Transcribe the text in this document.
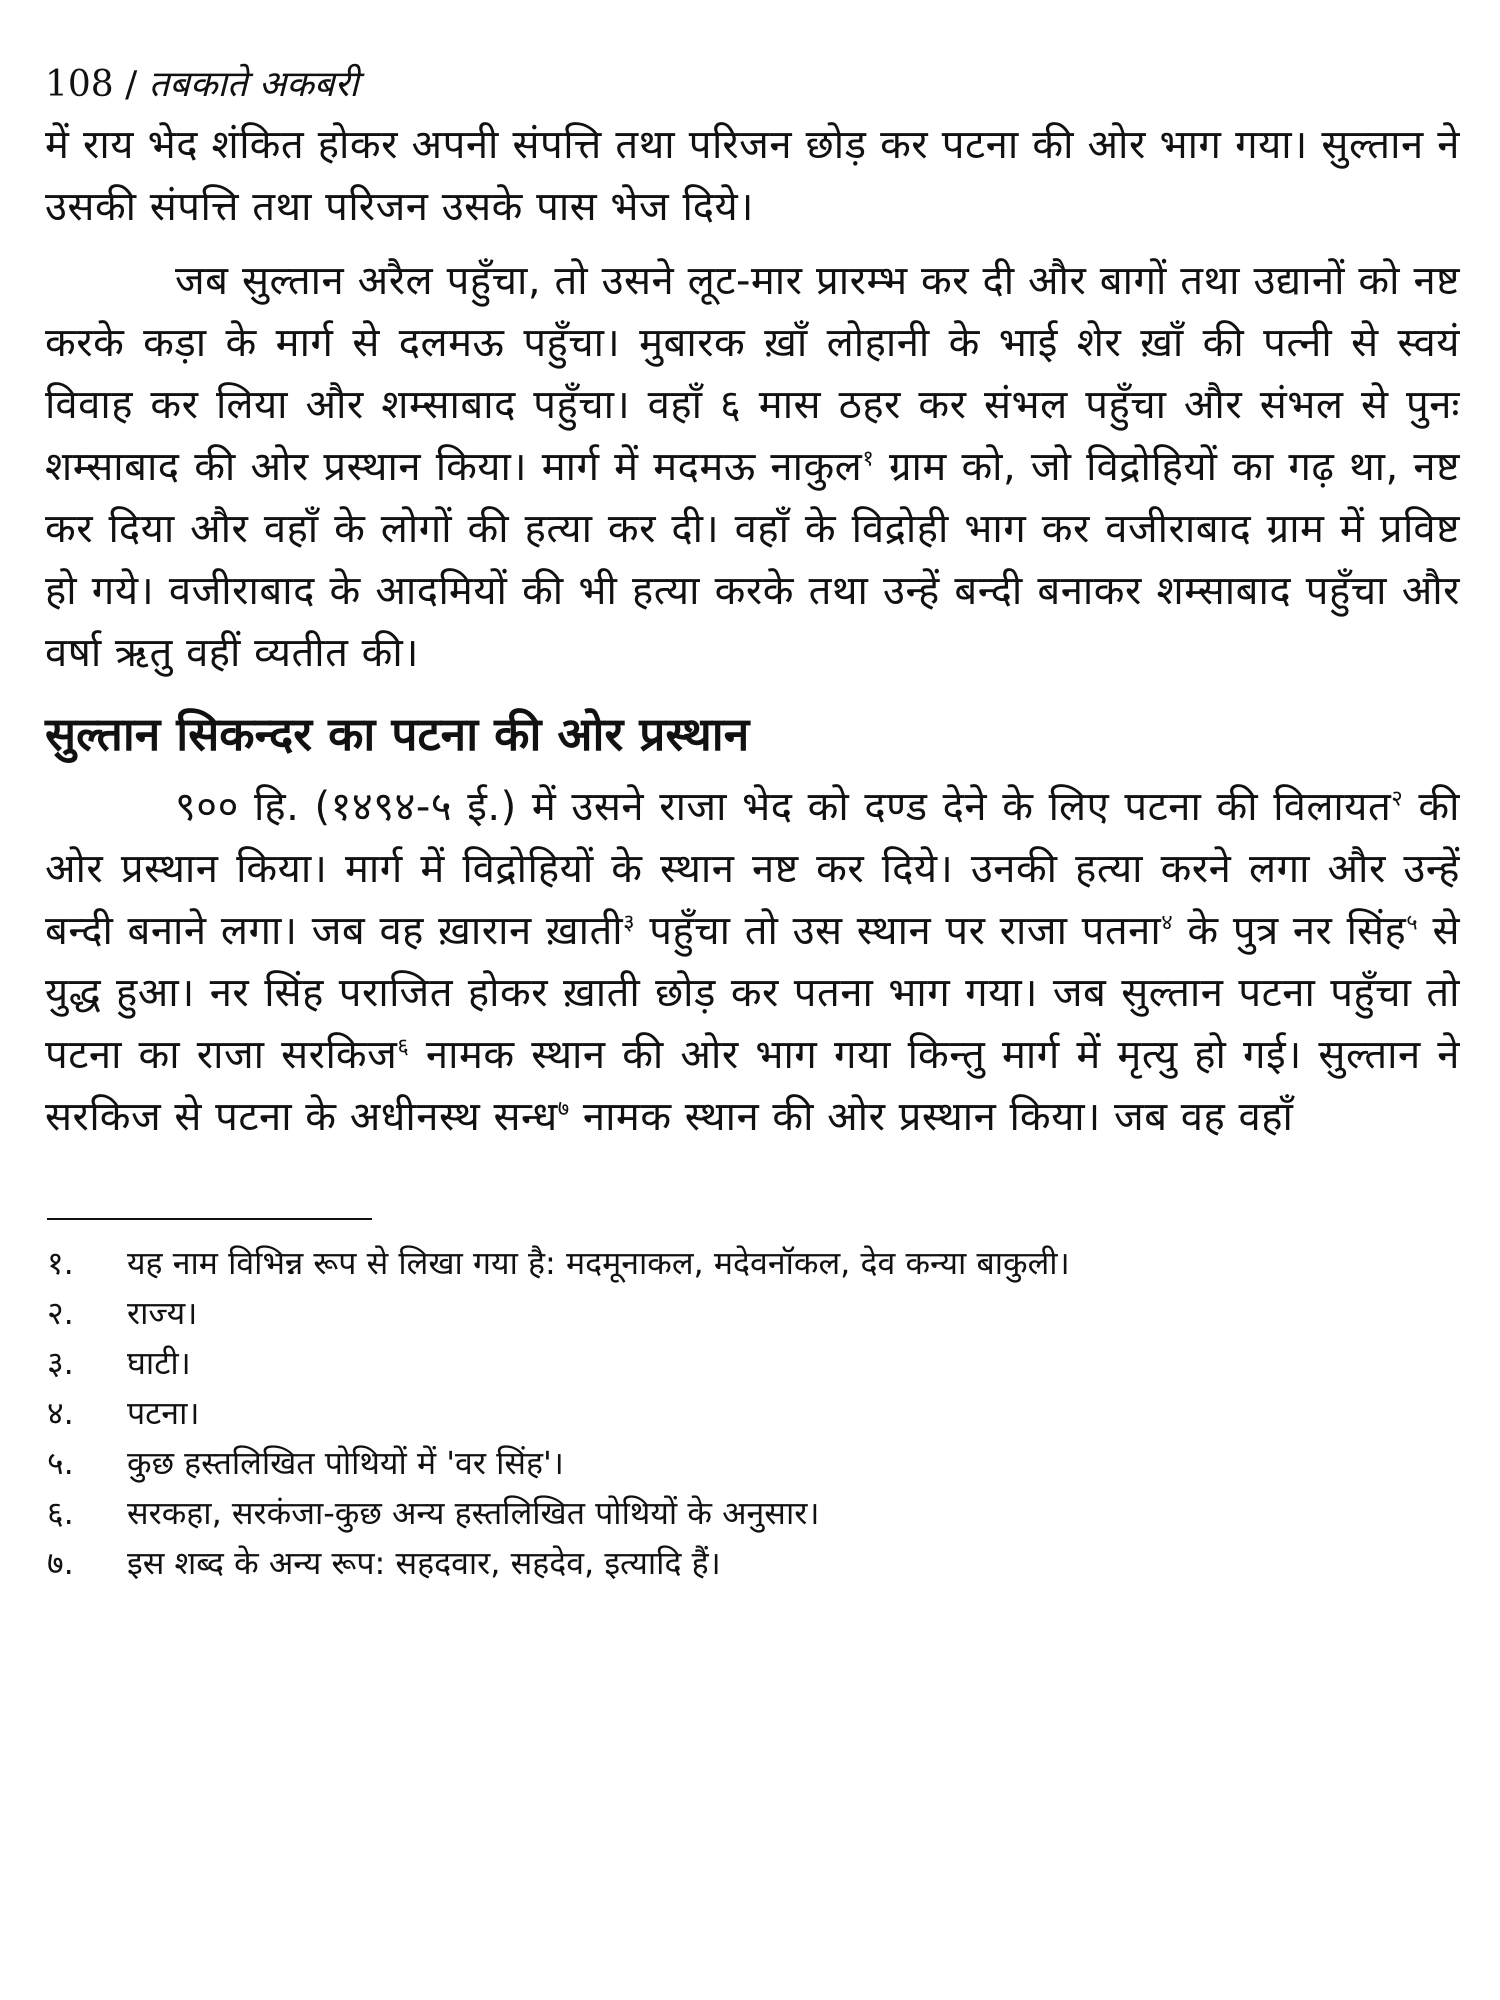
108 / तबकाते अकबरी

में राय भेद शंकित होकर अपनी संपत्ति तथा परिजन छोड़ कर पटना की ओर भाग गया। सुल्तान ने उसकी संपत्ति तथा परिजन उसके पास भेज दिये।

जब सुल्तान अरैल पहुँचा, तो उसने लूट-मार प्रारम्भ कर दी और बागों तथा उद्यानों को नष्ट करके कड़ा के मार्ग से दलमऊ पहुँचा। मुबारक ख़ाँ लोहानी के भाई शेर ख़ाँ की पत्नी से स्वयं विवाह कर लिया और शम्साबाद पहुँचा। वहाँ ६ मास ठहर कर संभल पहुँचा और संभल से पुनः शम्साबाद की ओर प्रस्थान किया। मार्ग में मदमऊ नाकुल$^१$ ग्राम को, जो विद्रोहियों का गढ़ था, नष्ट कर दिया और वहाँ के लोगों की हत्या कर दी। वहाँ के विद्रोही भाग कर वजीराबाद ग्राम में प्रविष्ट हो गये। वजीराबाद के आदमियों की भी हत्या करके तथा उन्हें बन्दी बनाकर शम्साबाद पहुँचा और वर्षा ऋतु वहीं व्यतीत की।

सुल्तान सिकन्दर का पटना की ओर प्रस्थान

९०० हि. (१४९४-५ ई.) में उसने राजा भेद को दण्ड देने के लिए पटना की विलायत$^२$ की ओर प्रस्थान किया। मार्ग में विद्रोहियों के स्थान नष्ट कर दिये। उनकी हत्या करने लगा और उन्हें बन्दी बनाने लगा। जब वह ख़ारान ख़ाती$^३$ पहुँचा तो उस स्थान पर राजा पतना$^४$ के पुत्र नर सिंह$^५$ से युद्ध हुआ। नर सिंह पराजित होकर ख़ाती छोड़ कर पतना भाग गया। जब सुल्तान पटना पहुँचा तो पटना का राजा सरकिज$^६$ नामक स्थान की ओर भाग गया किन्तु मार्ग में मृत्यु हो गई। सुल्तान ने सरकिज से पटना के अधीनस्थ सन्ध$^७$ नामक स्थान की ओर प्रस्थान किया। जब वह वहाँ

१.	यह नाम विभिन्न रूप से लिखा गया है: मदमूनाकल, मदेवनॉकल, देव कन्या बाकुली।
२.	राज्य।
३.	घाटी।
४.	पटना।
५.	कुछ हस्तलिखित पोथियों में 'वर सिंह'।
६.	सरकहा, सरकंजा-कुछ अन्य हस्तलिखित पोथियों के अनुसार।
७.	इस शब्द के अन्य रूप: सहदवार, सहदेव, इत्यादि हैं।
